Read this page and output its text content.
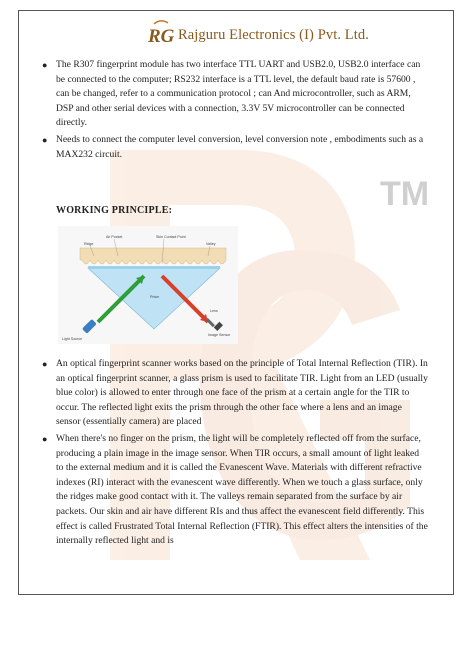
TM
RG Rajguru Electronics (I) Pvt. Ltd.
● The R307 fingerprint module has two interface TTL UART and USB2.0, USB2.0 interface can be connected to the computer; RS232 interface is a TTL level, the default baud rate is 57600 , can be changed, refer to a communication protocol ; can And microcontroller, such as ARM, DSP and other serial devices with a connection, 3.3V 5V microcontroller can be connected directly.
● Needs to connect the computer level conversion, level conversion note , embodiments such as a MAX232 circuit.
WORKING PRINCIPLE:
Ridge
Air Pocket	Skin Contact Point
Valley
Prism
Lens
Image Sensor
Light Source
● An optical fingerprint scanner works based on the principle of Total Internal Reflection (TIR). In an optical fingerprint scanner, a glass prism is used to facilitate TIR. Light from an LED (usually blue color) is allowed to enter through one face of the prism at a certain angle for the TIR to occur. The reflected light exits the prism through the other face where a lens and an image sensor (essentially camera) are placed
● When there's no finger on the prism, the light will be completely reflected off from the surface, producing a plain image in the image sensor. When TIR occurs, a small amount of light leaked to the external medium and it is called the Evanescent Wave. Materials with different refractive indexes (RI) interact with the evanescent wave differently. When we touch a glass surface, only the ridges make good contact with it. The valleys remain separated from the surface by air packets. Our skin and air have different RIs and thus affect the evanescent field differently. This effect is called Frustrated Total Internal Reflection (FTIR). This effect alters the intensities of the internally reflected light and is
